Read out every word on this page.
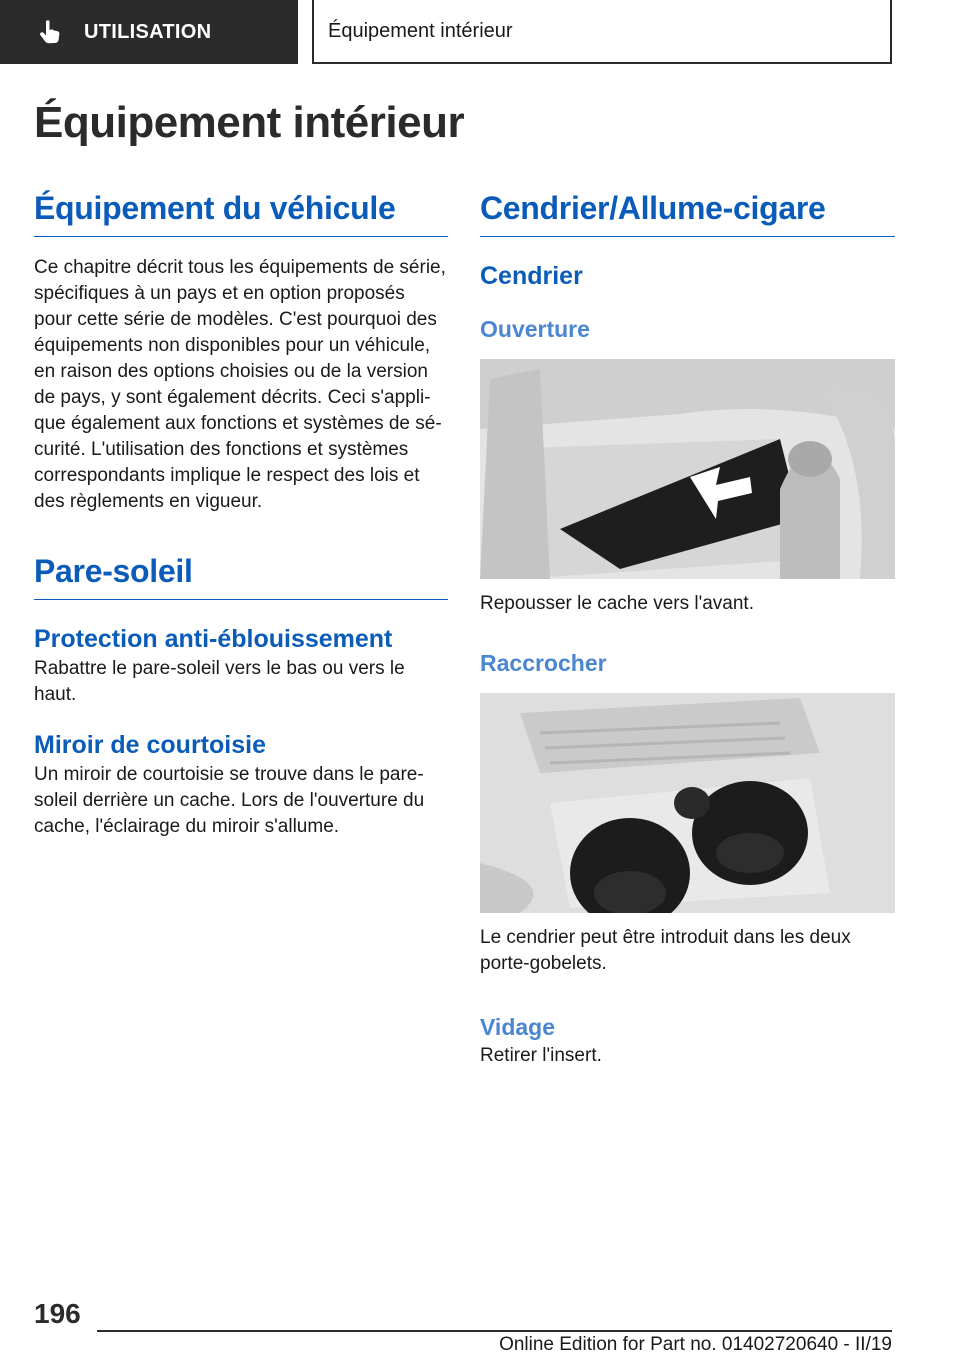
UTILISATION	Équipement intérieur
Équipement intérieur
Équipement du véhicule
Ce chapitre décrit tous les équipements de série,
spécifiques à un pays et en option proposés
pour cette série de modèles. C'est pourquoi des
équipements non disponibles pour un véhicule,
en raison des options choisies ou de la version
de pays, y sont également décrits. Ceci s'appli‐
que également aux fonctions et systèmes de sé‐
curité. L'utilisation des fonctions et systèmes
correspondants implique le respect des lois et
des règlements en vigueur.
Pare-soleil
Protection anti-éblouissement
Rabattre le pare-soleil vers le bas ou vers le haut.
Miroir de courtoisie
Un miroir de courtoisie se trouve dans le pare-
soleil derrière un cache. Lors de l'ouverture du
cache, l'éclairage du miroir s'allume.
Cendrier/Allume-cigare
Cendrier
Ouverture
Repousser le cache vers l'avant.
Raccrocher
Le cendrier peut être introduit dans les deux
porte-gobelets.
Vidage
Retirer l'insert.
196
Online Edition for Part no. 01402720640 - II/19
